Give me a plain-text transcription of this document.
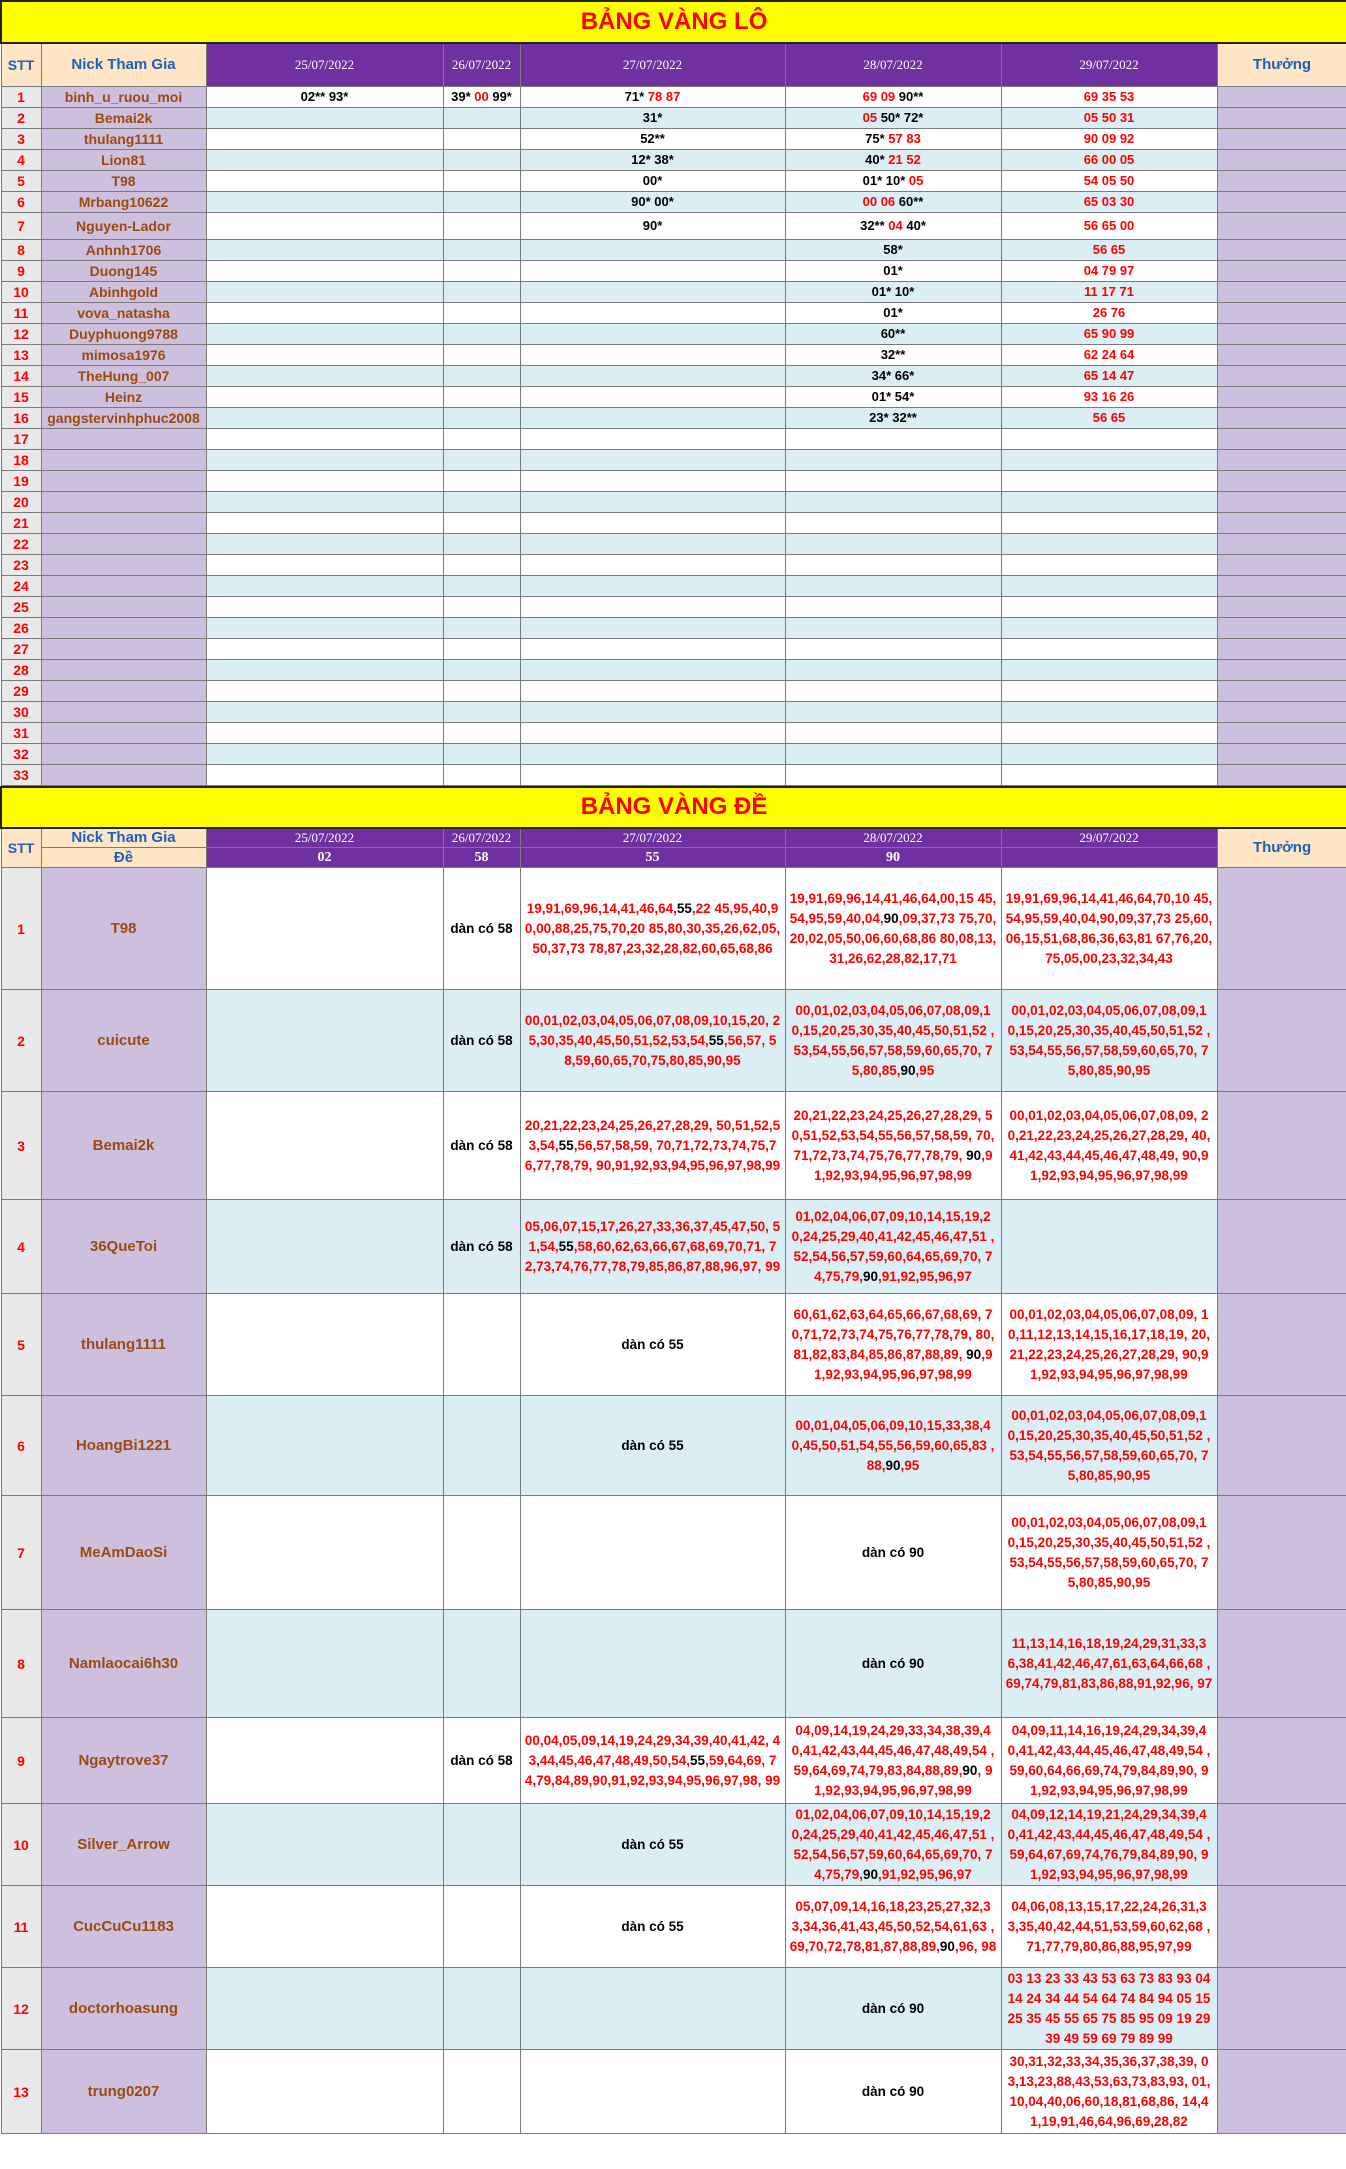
BẢNG VÀNG LÔ							
STT	Nick Tham Gia	25/07/2022	26/07/2022	27/07/2022	28/07/2022	29/07/2022	Thưởng
1	binh_u_ruou_moi	02** 93*	39* 00 99*	71* 78 87	69 09 90**	69 35 53	
2	Bemai2k			31*	05 50* 72*	05 50 31	
3	thulang1111			52**	75* 57 83	90 09 92	
4	Lion81			12* 38*	40* 21 52	66 00 05	
5	T98			00*	01* 10* 05	54 05 50	
6	Mrbang10622			90* 00*	00 06 60**	65 03 30	
7	Nguyen-Lador			90*	32** 04 40*	56 65 00	
8	Anhnh1706				58*	56 65	
9	Duong145				01*	04 79 97	
10	Abinhgold				01* 10*	11 17 71	
11	vova_natasha				01*	26 76	
12	Duyphuong9788				60**	65 90 99	
13	mimosa1976				32**	62 24 64	
14	TheHung_007				34* 66*	65 14 47	
15	Heinz				01* 54*	93 16 26	
16	gangstervinhphuc2008				23* 32**	56 65	
17							
18							
19							
20							
21							
22							
23							
24							
25							
26							
27							
28							
29							
30							
31							
32							
33							
BẢNG VÀNG ĐỀ							
STT	Nick Tham Gia	25/07/2022	26/07/2022	27/07/2022	28/07/2022	29/07/2022	Thưởng
	Đề	02	58	55	90		
1	T98		dàn có 58	19,91,69,96,14,41,46,64,55,22 45,95,40,90,00,88,25,75,70,20 85,80,30,35,26,62,05,50,37,73 78,87,23,32,28,82,60,65,68,86	19,91,69,96,14,41,46,64,00,15 45,54,95,59,40,04,90,09,37,73 75,70,20,02,05,50,06,60,68,86 80,08,13,31,26,62,28,82,17,71	19,91,69,96,14,41,46,64,70,10 45,54,95,59,40,04,90,09,37,73 25,60,06,15,51,68,86,36,63,81 67,76,20,75,05,00,23,32,34,43	
2	cuicute		dàn có 58	00,01,02,03,04,05,06,07,08,09,10,15,20, 25,30,35,40,45,50,51,52,53,54,55,56,57, 58,59,60,65,70,75,80,85,90,95	00,01,02,03,04,05,06,07,08,09,1 0,15,20,25,30,35,40,45,50,51,52 ,53,54,55,56,57,58,59,60,65,70, 75,80,85,90,95	00,01,02,03,04,05,06,07,08,09,1 0,15,20,25,30,35,40,45,50,51,52 ,53,54,55,56,57,58,59,60,65,70, 75,80,85,90,95	
3	Bemai2k		dàn có 58	20,21,22,23,24,25,26,27,28,29, 50,51,52,53,54,55,56,57,58,59, 70,71,72,73,74,75,76,77,78,79, 90,91,92,93,94,95,96,97,98,99	20,21,22,23,24,25,26,27,28,29, 50,51,52,53,54,55,56,57,58,59, 70,71,72,73,74,75,76,77,78,79, 90,91,92,93,94,95,96,97,98,99	00,01,02,03,04,05,06,07,08,09, 20,21,22,23,24,25,26,27,28,29, 40,41,42,43,44,45,46,47,48,49, 90,91,92,93,94,95,96,97,98,99	
4	36QueToi		dàn có 58	05,06,07,15,17,26,27,33,36,37,45,47,50, 51,54,55,58,60,62,63,66,67,68,69,70,71, 72,73,74,76,77,78,79,85,86,87,88,96,97, 99	01,02,04,06,07,09,10,14,15,19,2 0,24,25,29,40,41,42,45,46,47,51 ,52,54,56,57,59,60,64,65,69,70, 74,75,79,90,91,92,95,96,97		
5	thulang1111			dàn có 55	60,61,62,63,64,65,66,67,68,69, 70,71,72,73,74,75,76,77,78,79, 80,81,82,83,84,85,86,87,88,89, 90,91,92,93,94,95,96,97,98,99	00,01,02,03,04,05,06,07,08,09, 10,11,12,13,14,15,16,17,18,19, 20,21,22,23,24,25,26,27,28,29, 90,91,92,93,94,95,96,97,98,99	
6	HoangBi1221			dàn có 55	00,01,04,05,06,09,10,15,33,38,4 0,45,50,51,54,55,56,59,60,65,83 ,88,90,95	00,01,02,03,04,05,06,07,08,09,1 0,15,20,25,30,35,40,45,50,51,52 ,53,54,55,56,57,58,59,60,65,70, 75,80,85,90,95	
7	MeAmDaoSi				dàn có 90	00,01,02,03,04,05,06,07,08,09,1 0,15,20,25,30,35,40,45,50,51,52 ,53,54,55,56,57,58,59,60,65,70, 75,80,85,90,95	
8	Namlaocai6h30				dàn có 90	11,13,14,16,18,19,24,29,31,33,3 6,38,41,42,46,47,61,63,64,66,68 ,69,74,79,81,83,86,88,91,92,96, 97	
9	Ngaytrove37		dàn có 58	00,04,05,09,14,19,24,29,34,39,40,41,42, 43,44,45,46,47,48,49,50,54,55,59,64,69, 74,79,84,89,90,91,92,93,94,95,96,97,98, 99	04,09,14,19,24,29,33,34,38,39,4 0,41,42,43,44,45,46,47,48,49,54 ,59,64,69,74,79,83,84,88,89,90, 91,92,93,94,95,96,97,98,99	04,09,11,14,16,19,24,29,34,39,4 0,41,42,43,44,45,46,47,48,49,54 ,59,60,64,66,69,74,79,84,89,90, 91,92,93,94,95,96,97,98,99	
10	Silver_Arrow			dàn có 55	01,02,04,06,07,09,10,14,15,19,2 0,24,25,29,40,41,42,45,46,47,51 ,52,54,56,57,59,60,64,65,69,70, 74,75,79,90,91,92,95,96,97	04,09,12,14,19,21,24,29,34,39,4 0,41,42,43,44,45,46,47,48,49,54 ,59,64,67,69,74,76,79,84,89,90, 91,92,93,94,95,96,97,98,99	
11	CucCuCu1183			dàn có 55	05,07,09,14,16,18,23,25,27,32,3 3,34,36,41,43,45,50,52,54,61,63 ,69,70,72,78,81,87,88,89,90,96, 98	04,06,08,13,15,17,22,24,26,31,3 3,35,40,42,44,51,53,59,60,62,68 ,71,77,79,80,86,88,95,97,99	
12	doctorhoasung				dàn có 90	03 13 23 33 43 53 63 73 83 93 04 14 24 34 44 54 64 74 84 94 05 15 25 35 45 55 65 75 85 95 09 19 29 39 49 59 69 79 89 99	
13	trung0207				dàn có 90	30,31,32,33,34,35,36,37,38,39, 03,13,23,88,43,53,63,73,83,93, 01,10,04,40,06,60,18,81,68,86, 14,41,19,91,46,64,96,69,28,82	
